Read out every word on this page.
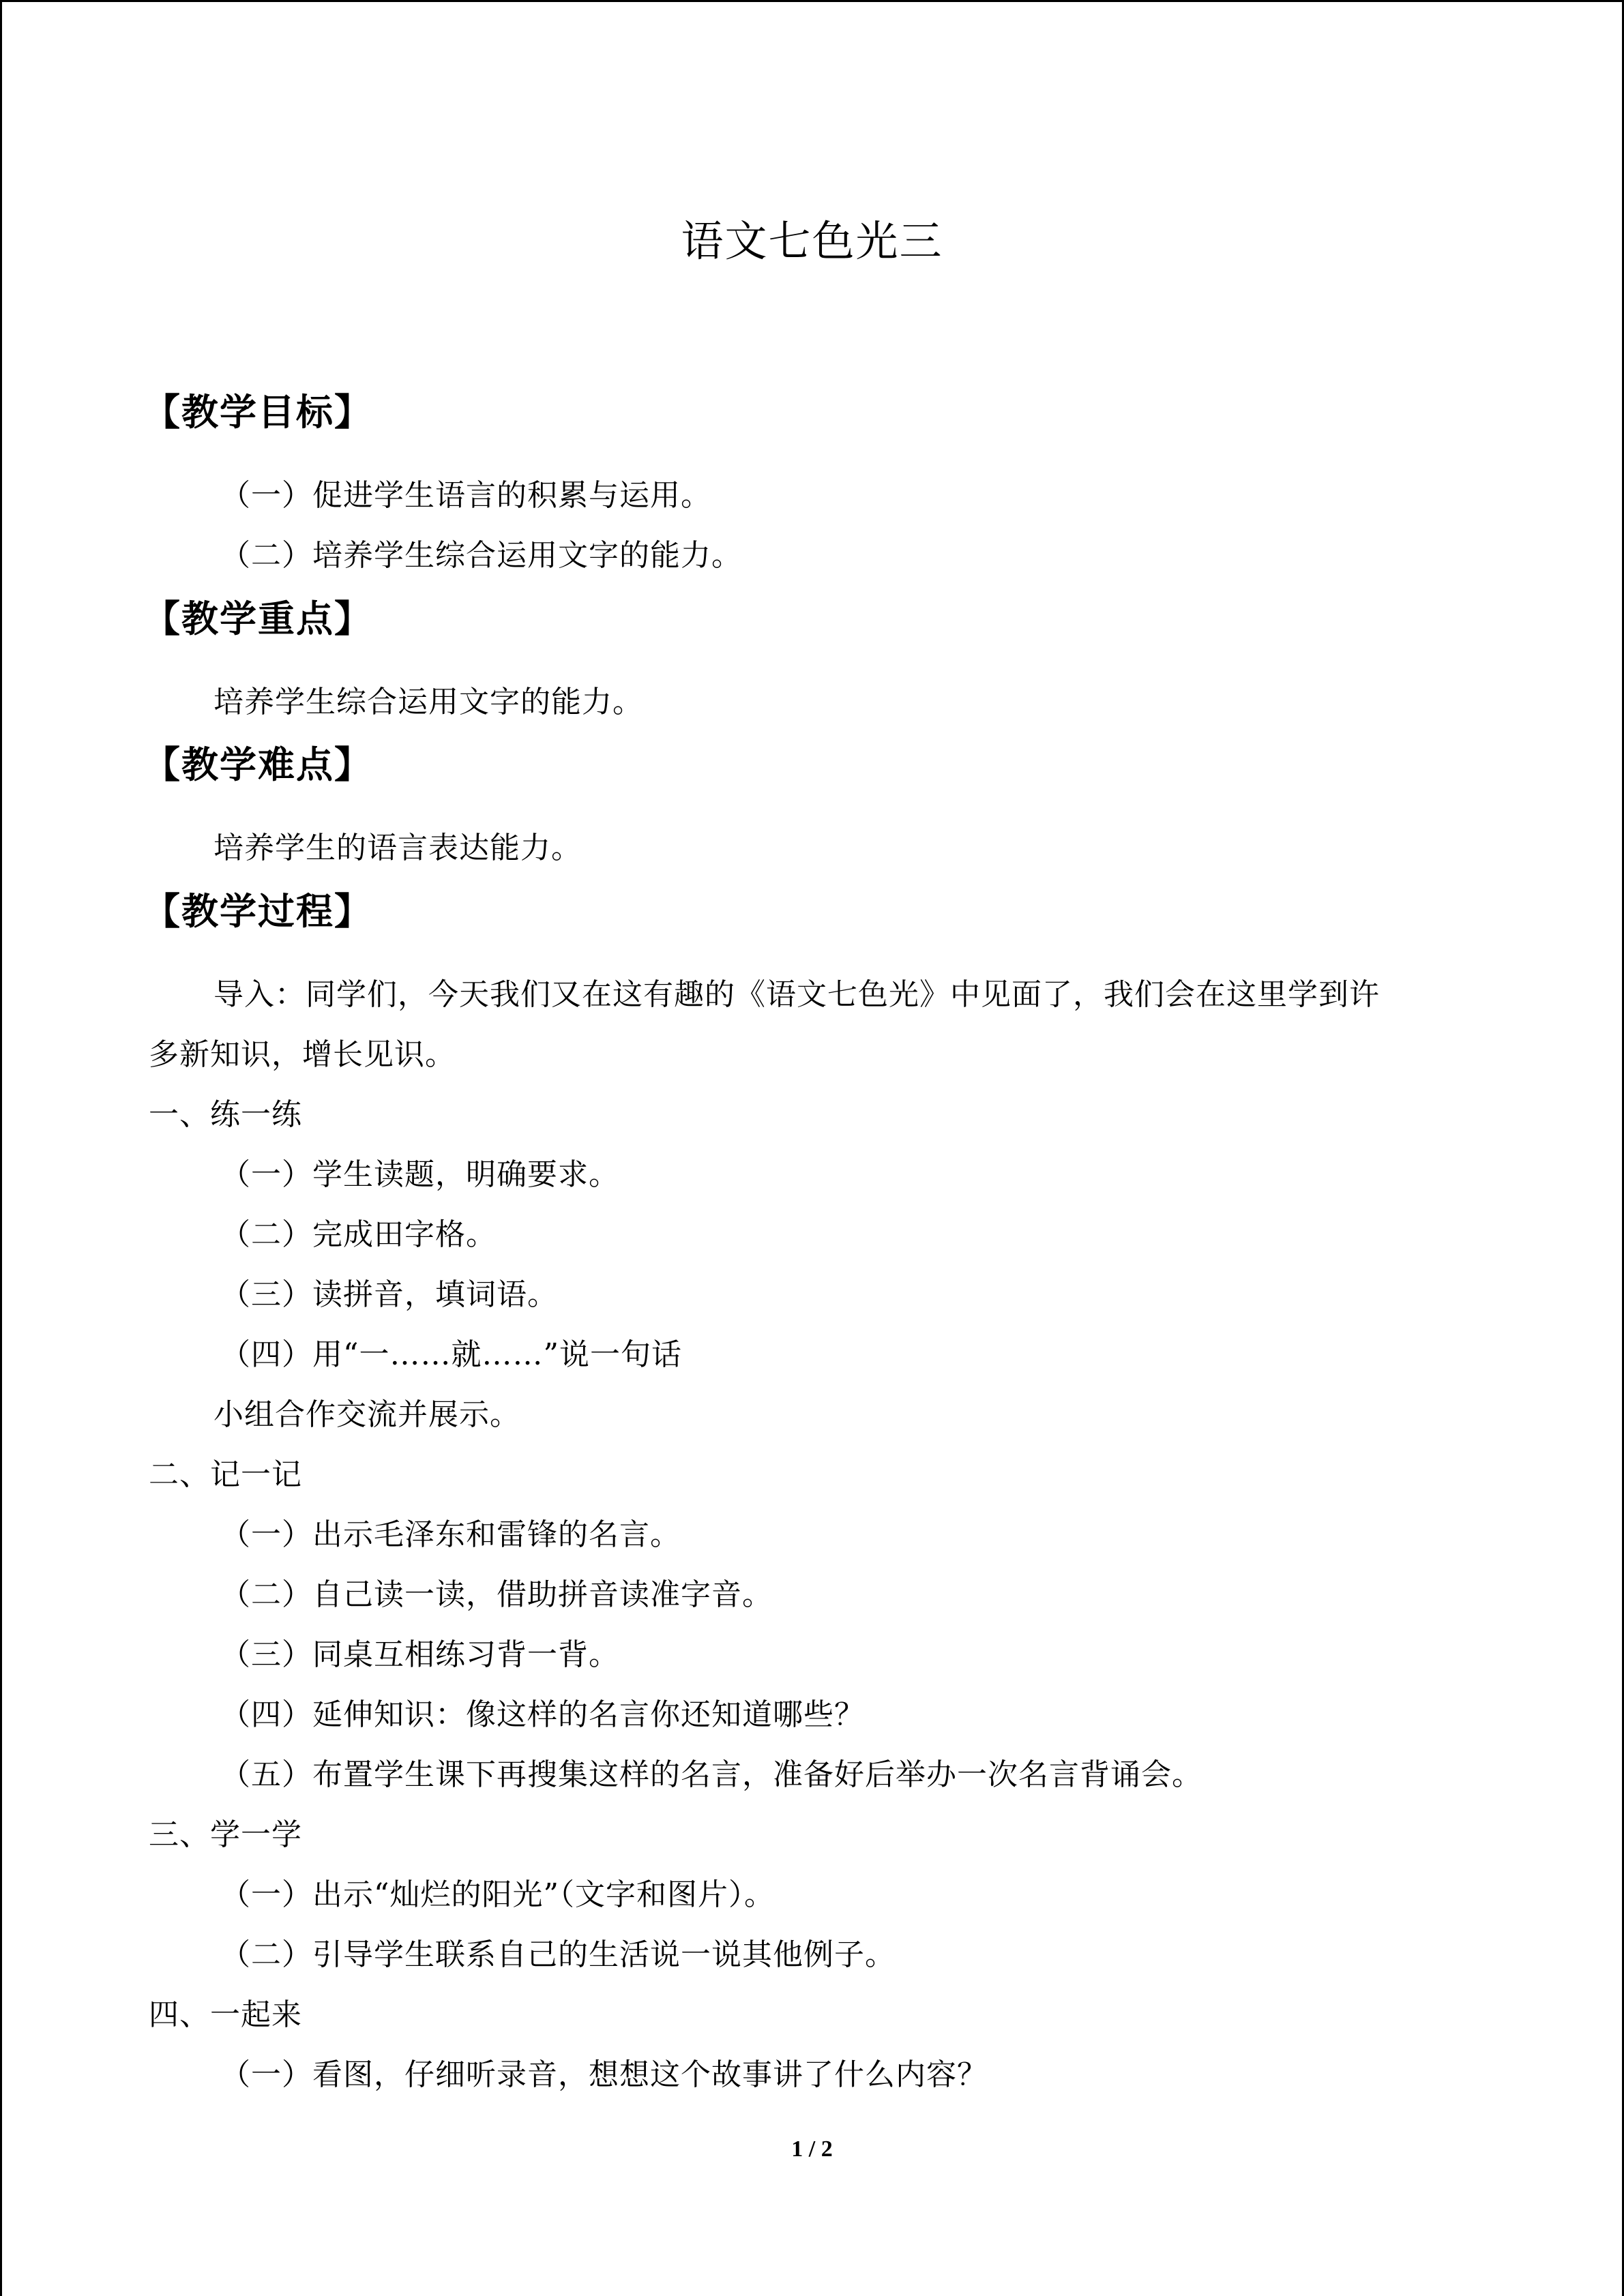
语文七色光三
【教学目标】
（一）促进学生语言的积累与运用。
（二）培养学生综合运用文字的能力。
【教学重点】
培养学生综合运用文字的能力。
【教学难点】
培养学生的语言表达能力。
【教学过程】
导入：同学们，今天我们又在这有趣的《语文七色光》中见面了，我们会在这里学到许
多新知识，增长见识。
一、练一练
（一）学生读题，明确要求。
（二）完成田字格。
（三）读拼音，填词语。
（四）用“一……就……”说一句话
小组合作交流并展示。
二、记一记
（一）出示毛泽东和雷锋的名言。
（二）自己读一读，借助拼音读准字音。
（三）同桌互相练习背一背。
（四）延伸知识：像这样的名言你还知道哪些？
（五）布置学生课下再搜集这样的名言，准备好后举办一次名言背诵会。
三、学一学
（一）出示“灿烂的阳光”（文字和图片）。
（二）引导学生联系自己的生活说一说其他例子。
四、一起来
（一）看图，仔细听录音，想想这个故事讲了什么内容？
1 / 2
